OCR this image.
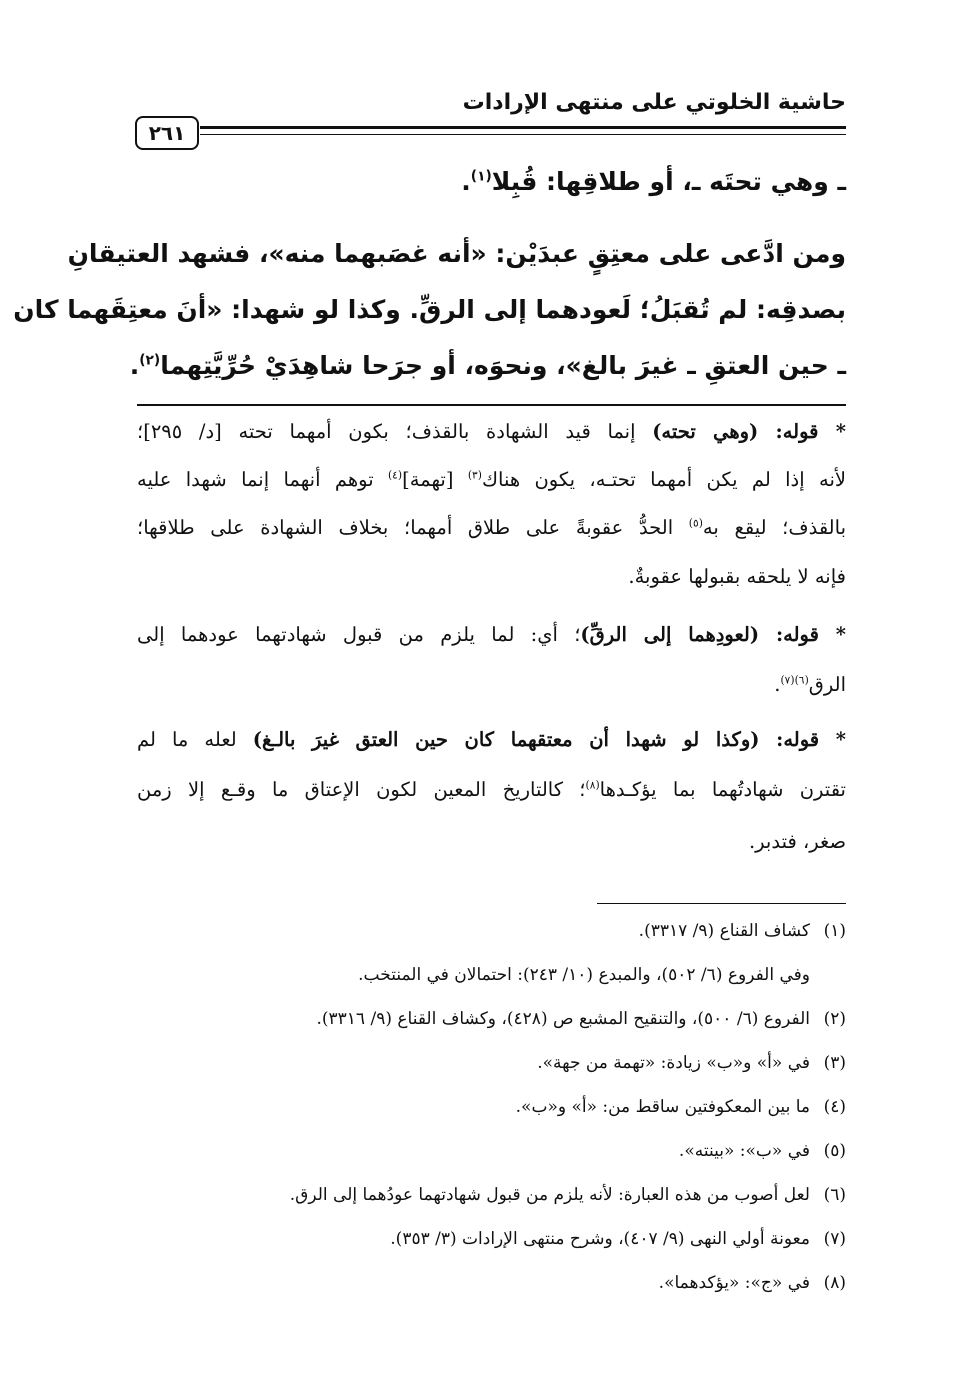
حاشية الخلوتي على منتهى الإرادات
٢٦١
ـ وهي تحتَه ـ، أو طلاقِها: قُبِلا$^{(١)}$.
ومن ادَّعى على معتِقٍ عبدَيْن: «أنه غصَبهما منه»، فشهد العتيقانِ
بصدقِه: لم تُقبَلُ؛ لَعودهما إلى الرقِّ. وكذا لو شهدا: «أنَ معتِقَهما كان
ـ حين العتقِ ـ غيرَ بالغ»، ونحوَه، أو جرَحا شاهِدَيْ حُرِّيَّتِهما$^{(٢)}$.
* قوله: (وهي تحته) إنما قيد الشهادة بالقذف؛ بكون أمهما تحته [د/ ٢٩٥]؛
لأنه إذا لم يكن أمهما تحتـه، يكون هناك$^{(٣)}$ [تهمة]$^{(٤)}$ توهم أنهما إنما شهدا عليه
بالقذف؛ ليقع به$^{(٥)}$ الحدُّ عقوبةً على طلاق أمهما؛ بخلاف الشهادة على طلاقها؛
فإنه لا يلحقه بقبولها عقوبةٌ.
* قوله: (لعودِهما إلى الرقِّ)؛ أي: لما يلزم من قبول شهادتهما عودهما إلى
الرق$^{(٦)(٧)}$.
* قوله: (وكذا لو شهدا أن معتقهما كان حين العتق غيرَ بالـغ) لعله ما لم
تقترن شهادتُهما بما يؤكـدها$^{(٨)}$؛ كالتاريخ المعين لكون الإعتاق ما وقـع إلا زمن
صغر، فتدبر.
(١)كشاف القناع (٩/ ٣٣١٧).
وفي الفروع (٦/ ٥٠٢)، والمبدع (١٠/ ٢٤٣): احتمالان في المنتخب.
(٢)الفروع (٦/ ٥٠٠)، والتنقيح المشبع ص (٤٢٨)، وكشاف القناع (٩/ ٣٣١٦).
(٣)في «أ» و«ب» زيادة: «تهمة من جهة».
(٤)ما بين المعكوفتين ساقط من: «أ» و«ب».
(٥)في «ب»: «بينته».
(٦)لعل أصوب من هذه العبارة: لأنه يلزم من قبول شهادتهما عودُهما إلى الرق.
(٧)معونة أولي النهى (٩/ ٤٠٧)، وشرح منتهى الإرادات (٣/ ٣٥٣).
(٨)في «ج»: «يؤكدهما».
